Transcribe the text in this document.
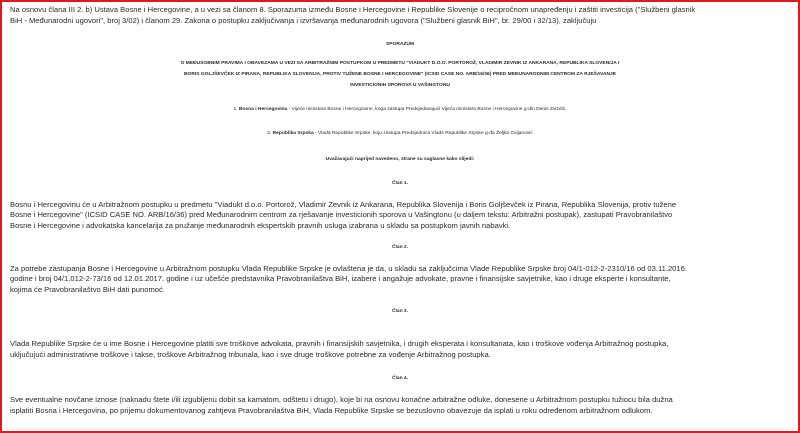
Na osnovu člana III 2. b) Ustava Bosne i Hercegovine, a u vezi sa članom 8. Sporazuma između Bosne i Hercegovine i Republike Slovenije o recipročnom unapređenju i zaštiti investicija ("Službeni glasnik

BiH - Međunarodni ugovori", broj 3/02) i članom 29. Zakona o postupku zaključivanja i izvršavanja međunarodnih ugovora ("Službeni glasnik BiH", br. 29/00 i 32/13), zaključuju

SPORAZUM

O MEĐUSOBNIM PRAVIMA I OBAVEZAMA U VEZI SA ARBITRAŽNIM POSTUPKOM U PREDMETU "VIADUKT D.O.O. PORTOROŽ, VLADIMIR ZEVNIK IZ ANKARANA, REPUBLIKA SLOVENIJA I

BORIS GOLJŠEVČEK IZ PIRANA, REPUBLIKA SLOVENIJA, PROTIV TUŽENE BOSNE I HERCEGOVINE" (ICSID CASE NO. ARB/16/36) PRED MEĐUNARODNIM CENTROM ZA RJEŠAVANJE

INVESTICIONIH SPOROVA U VAŠINGTONU

1. Bosna i Hercegovina - Vijeće ministara Bosne i Hercegovine, koga zastupa Predsjedavajući Vijeća ministara Bosne i Hercegovine g-din Denis Zvizdić,

2. Republika Srpska - Vlada Republike Srpske, koju zastupa Predsjednica Vlade Republike Srpske g-đa Željka Cvijanović

Uvažavajući naprijed navedeno, strane su saglasne kako slijedi:

Član 1.

Bosnu i Hercegovinu će u Arbitražnom postupku u predmetu "Viadukt d.o.o. Portorož, Vladimir Zevnik iz Ankarana, Republika Slovenija i Boris Goljševček iz Pirana, Republika Slovenija, protiv tužene

Bosne i Hercegovine" (ICSID CASE NO. ARB/16/36) pred Međunarodnim centrom za rješavanje investicionih sporova u Vašingtonu (u daljem tekstu: Arbitražni postupak), zastupati Pravobranilaštvo

Bosne i Hercegovine i advokatska kancelarija za pružanje međunarodnih ekspertskih pravnih usluga izabrana u skladu sa postupkom javnih nabavki.

Član 2.

Za potrebe zastupanja Bosne i Hercegovine u Arbitražnom postupku Vlada Republike Srpske je ovlaštena je da, u skladu sa zaključcima Vlade Republike Srpske broj 04/1-012-2-2310/16 od 03.11.2016.

godine i broj 04/1.012-2-73/16 od 12.01.2017. godine i uz učešće predstavnika Pravobranilaštva BiH, izabere i angažuje advokate, pravne i finansijske savjetnike, kao i druge eksperte i konsultante,

kojima će Pravobranilaštvo BiH dati punomoć.

Član 3.

Vlada Republike Srpske će u ime Bosne i Hercegovine platiti sve troškove advokata, pravnih i finansijskih savjetnika, i drugih eksperata i konsultanata, kao i troškove vođenja Arbitražnog postupka,

uključujući administrativne troškove i takse, troškove Arbitražnog tribunala, kao i sve druge troškove potrebne za vođenje Arbitražnog postupka.

Član 4.

Sve eventualne novčane iznose (naknadu štete i/ili izgubljenu dobit sa kamatom, odštetu i drugo), koje bi na osnovu konačne arbitražne odluke, donesene u Arbitražnom postupku tužiocu bila dužna

isplatiti Bosna i Hercegovina, po prijemu dokumentovanog zahtjeva Pravobranilaštva BiH, Vlada Republike Srpske se bezuslovno obavezuje da isplati u roku određenom arbitražnom odlukom.
